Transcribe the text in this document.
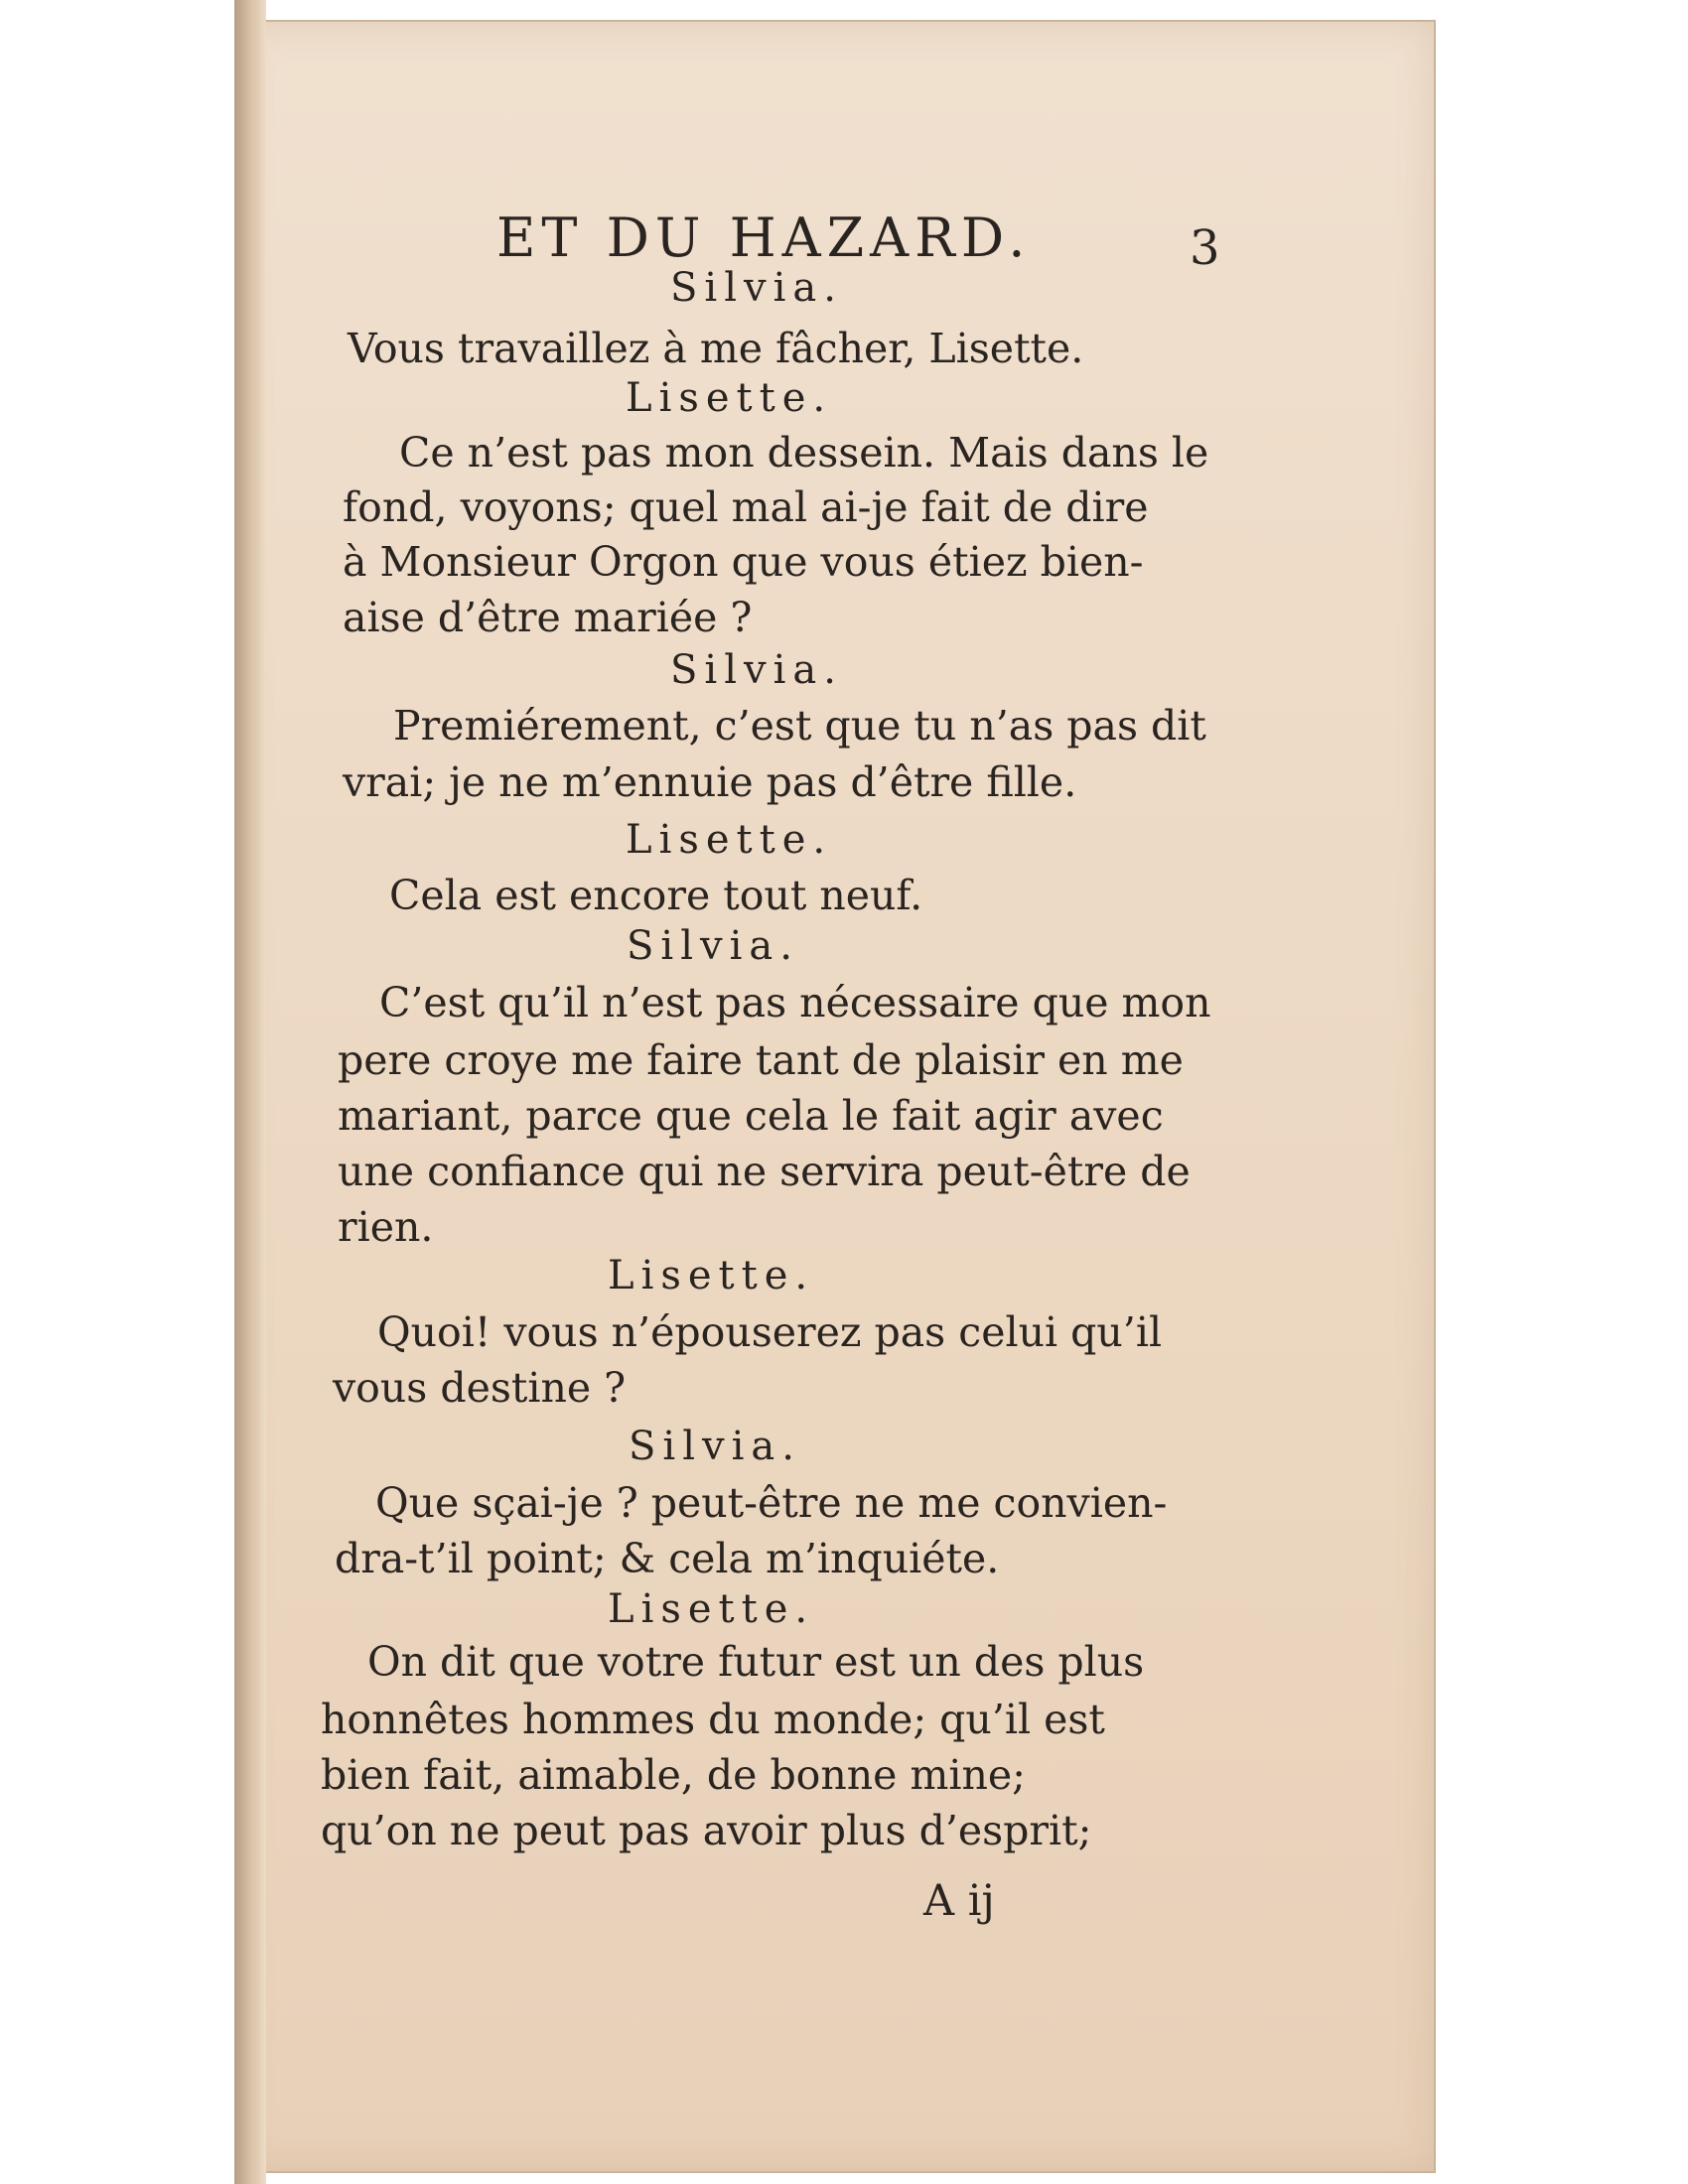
ET DU HAZARD.	3
Silvia.
Vous travaillez à me fâcher, Lisette.
Lisette.
Ce n’est pas mon dessein. Mais dans le
fond, voyons; quel mal ai-je fait de dire
à Monsieur Orgon que vous étiez bien-
aise d’être mariée ?
Silvia.
Premiérement, c’est que tu n’as pas dit
vrai; je ne m’ennuie pas d’être fille.
Lisette.
Cela est encore tout neuf.
Silvia.
C’est qu’il n’est pas nécessaire que mon
pere croye me faire tant de plaisir en me
mariant, parce que cela le fait agir avec
une confiance qui ne servira peut-être de
rien.
Lisette.
Quoi! vous n’épouserez pas celui qu’il
vous destine ?
Silvia.
Que sçai-je ? peut-être ne me convien-
dra-t’il point; & cela m’inquiéte.
Lisette.
On dit que votre futur est un des plus
honnêtes hommes du monde; qu’il est
bien fait, aimable, de bonne mine;
qu’on ne peut pas avoir plus d’esprit;
A ij
